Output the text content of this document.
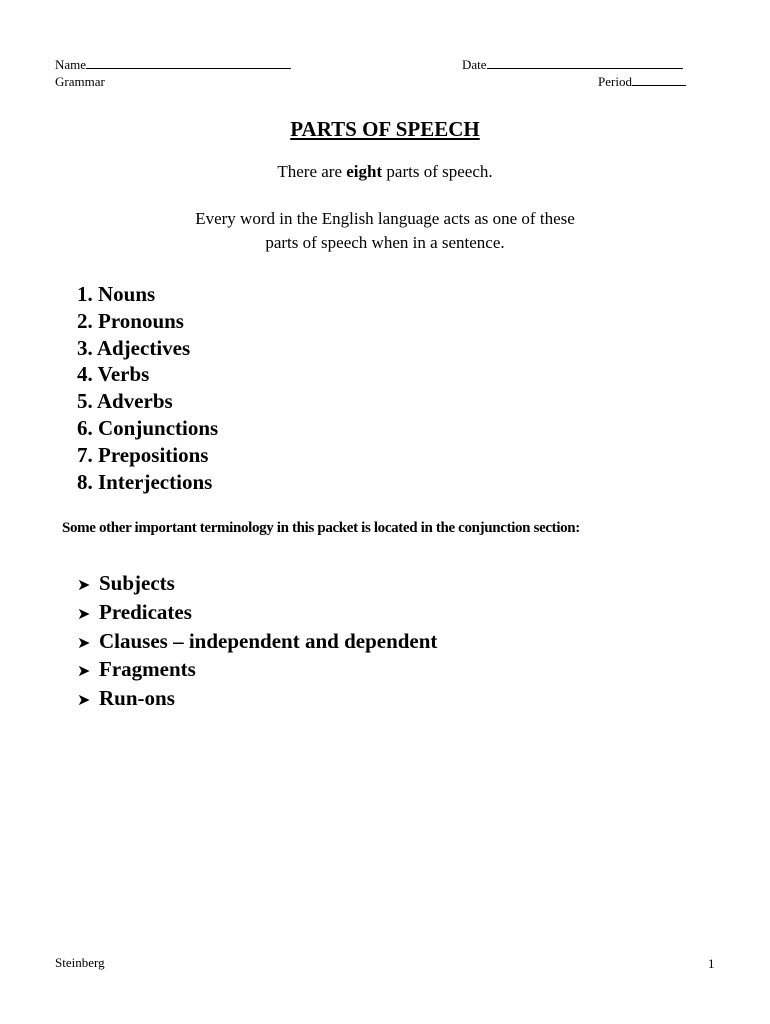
Name	Date
Grammar	Period
PARTS OF SPEECH
There are eight parts of speech.
Every word in the English language acts as one of these
parts of speech when in a sentence.
1. Nouns
2. Pronouns
3. Adjectives
4. Verbs
5. Adverbs
6. Conjunctions
7. Prepositions
8. Interjections
Some other important terminology in this packet is located in the conjunction section:
➤ Subjects
➤ Predicates
➤ Clauses – independent and dependent
➤ Fragments
➤ Run-ons
Steinberg	1
